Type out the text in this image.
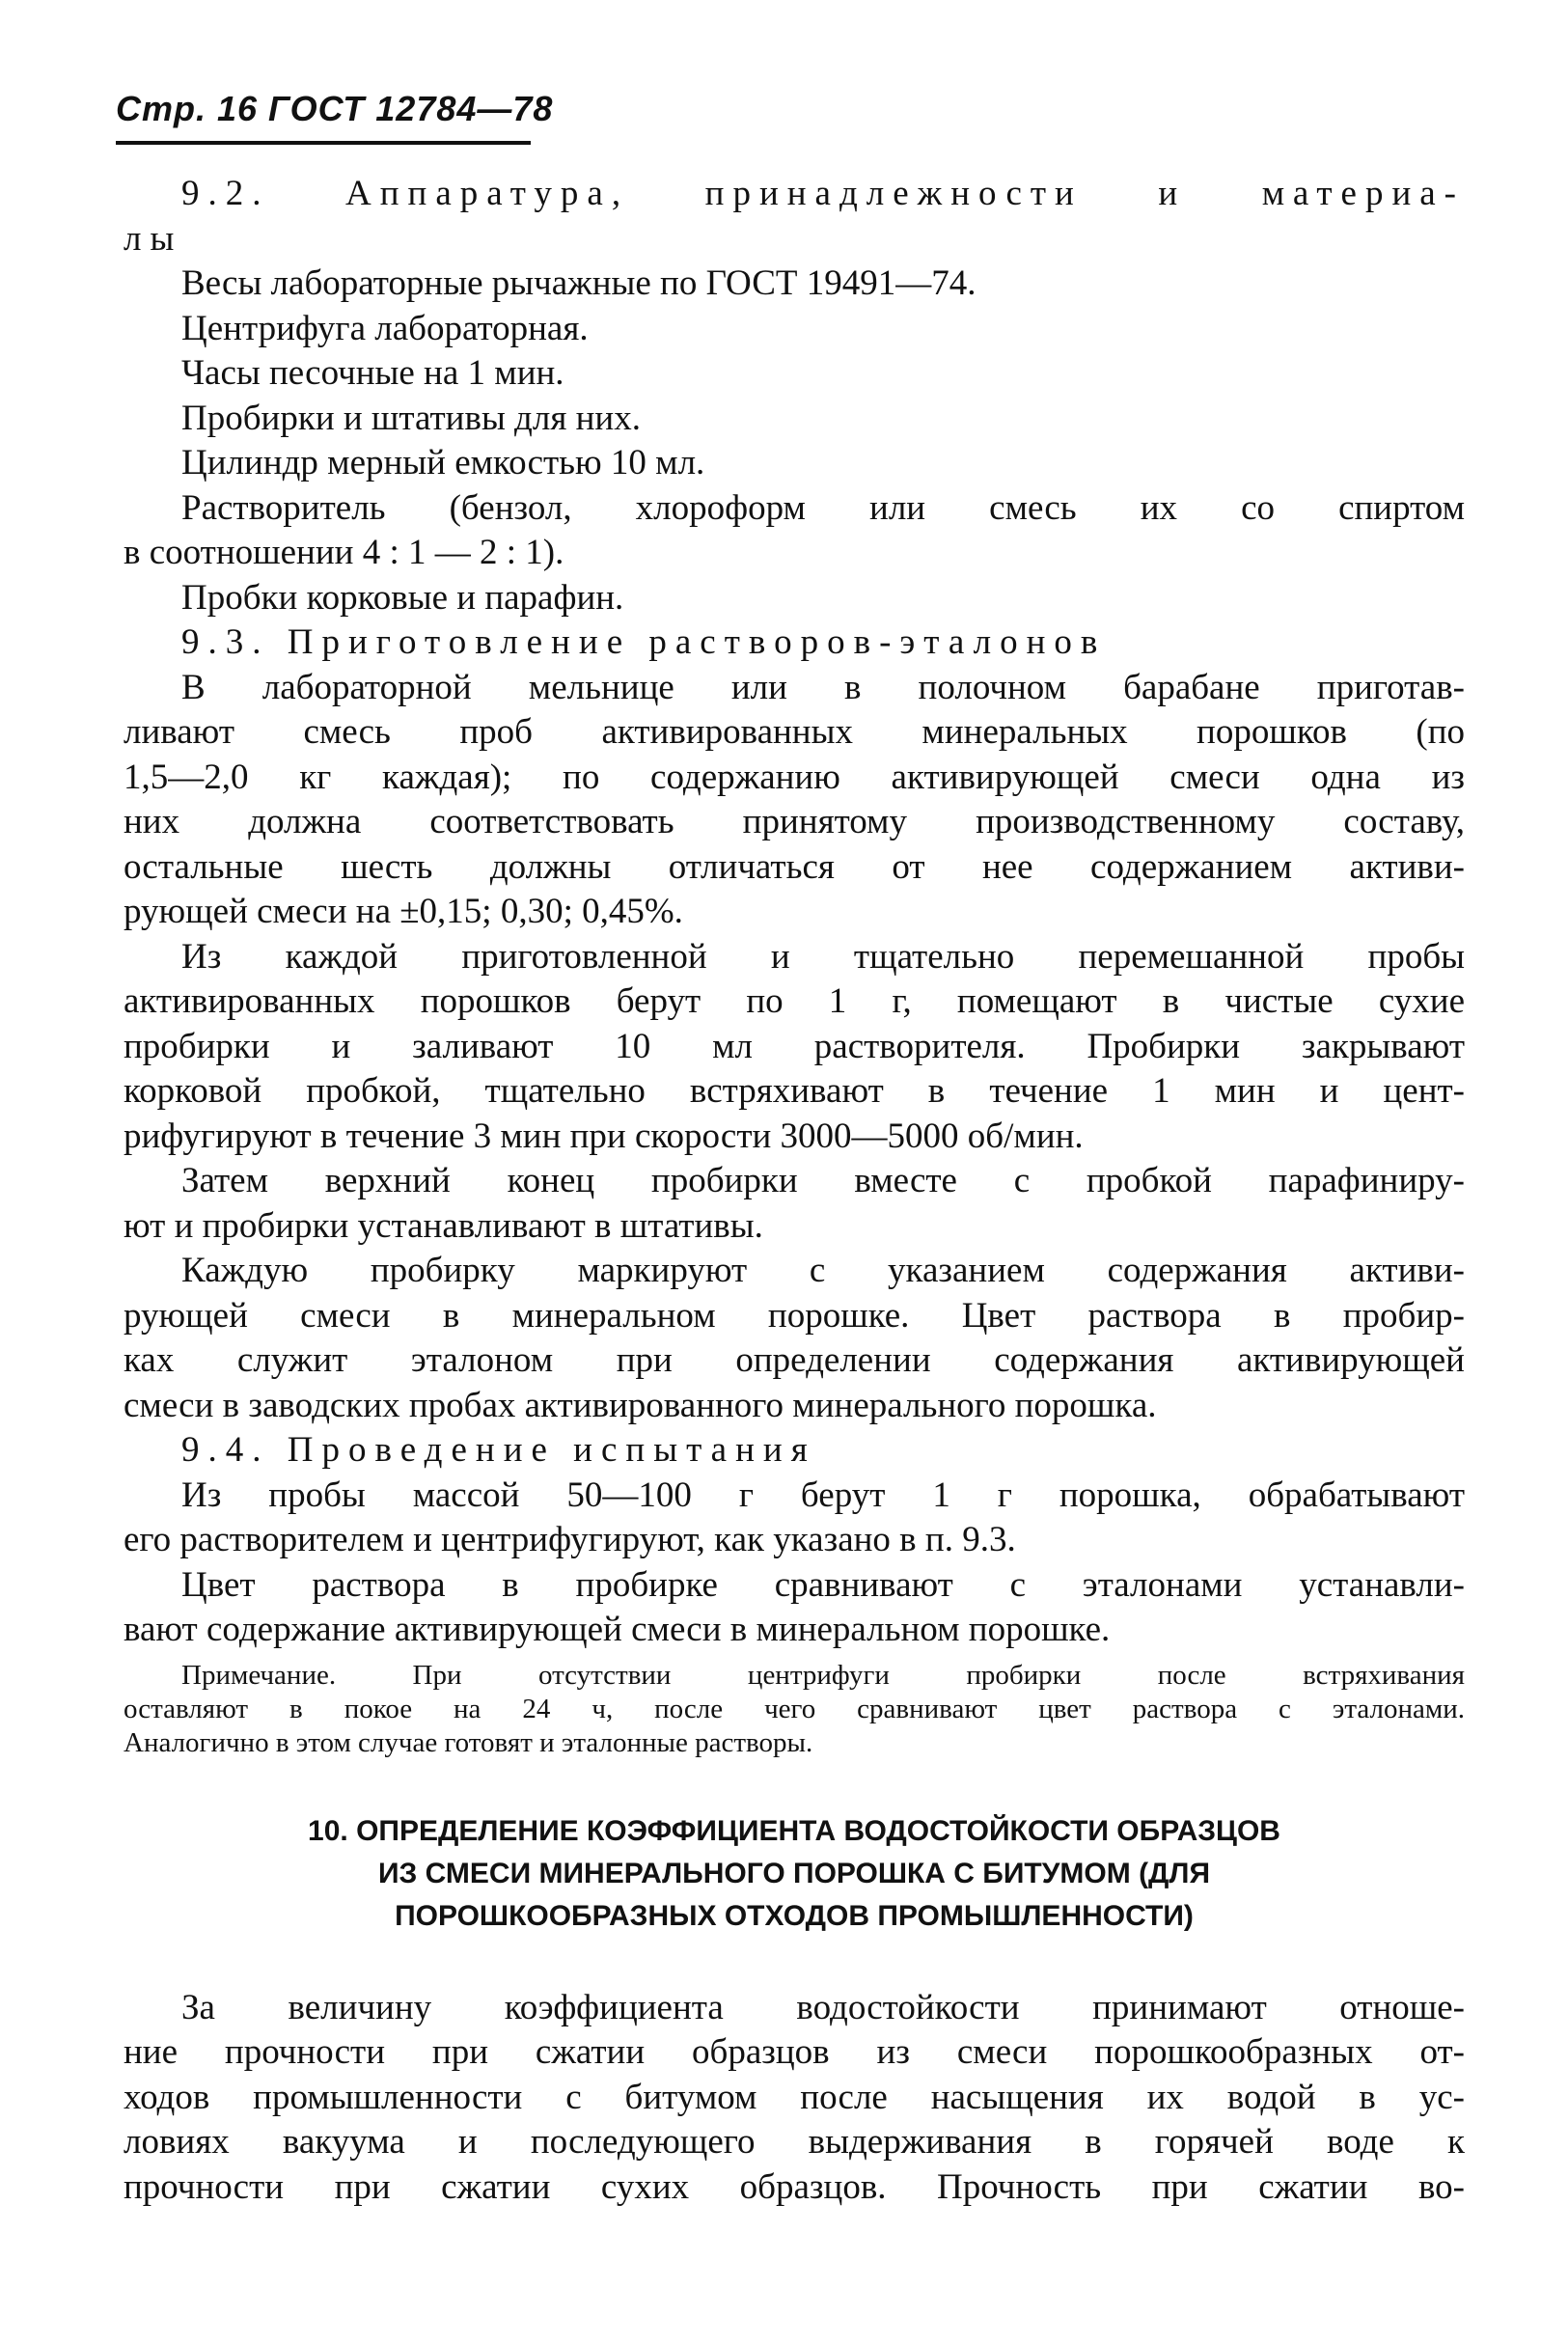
Стр. 16 ГОСТ 12784—78
9.2. Аппаратура, принадлежности и материа-
лы
Весы лабораторные рычажные по ГОСТ 19491—74.
Центрифуга лабораторная.
Часы песочные на 1 мин.
Пробирки и штативы для них.
Цилиндр мерный емкостью 10 мл.
Растворитель (бензол, хлороформ или смесь их со спиртом
в соотношении 4 : 1 — 2 : 1).
Пробки корковые и парафин.
9.3. Приготовление растворов-эталонов
В лабораторной мельнице или в полочном барабане приготав-
ливают смесь проб активированных минеральных порошков (по
1,5—2,0 кг каждая); по содержанию активирующей смеси одна из
них должна соответствовать принятому производственному составу,
остальные шесть должны отличаться от нее содержанием активи-
рующей смеси на ±0,15; 0,30; 0,45%.
Из каждой приготовленной и тщательно перемешанной пробы
активированных порошков берут по 1 г, помещают в чистые сухие
пробирки и заливают 10 мл растворителя. Пробирки закрывают
корковой пробкой, тщательно встряхивают в течение 1 мин и цент-
рифугируют в течение 3 мин при скорости 3000—5000 об/мин.
Затем верхний конец пробирки вместе с пробкой парафиниру-
ют и пробирки устанавливают в штативы.
Каждую пробирку маркируют с указанием содержания активи-
рующей смеси в минеральном порошке. Цвет раствора в пробир-
ках служит эталоном при определении содержания активирующей
смеси в заводских пробах активированного минерального порошка.
9.4. Проведение испытания
Из пробы массой 50—100 г берут 1 г порошка, обрабатывают
его растворителем и центрифугируют, как указано в п. 9.3.
Цвет раствора в пробирке сравнивают с эталонами устанавли-
вают содержание активирующей смеси в минеральном порошке.
Примечание. При отсутствии центрифуги пробирки после встряхивания
оставляют в покое на 24 ч, после чего сравнивают цвет раствора с эталонами.
Аналогично в этом случае готовят и эталонные растворы.
10. ОПРЕДЕЛЕНИЕ КОЭФФИЦИЕНТА ВОДОСТОЙКОСТИ ОБРАЗЦОВ
ИЗ СМЕСИ МИНЕРАЛЬНОГО ПОРОШКА С БИТУМОМ (ДЛЯ
ПОРОШКООБРАЗНЫХ ОТХОДОВ ПРОМЫШЛЕННОСТИ)
За величину коэффициента водостойкости принимают отноше-
ние прочности при сжатии образцов из смеси порошкообразных от-
ходов промышленности с битумом после насыщения их водой в ус-
ловиях вакуума и последующего выдерживания в горячей воде к
прочности при сжатии сухих образцов. Прочность при сжатии во-
